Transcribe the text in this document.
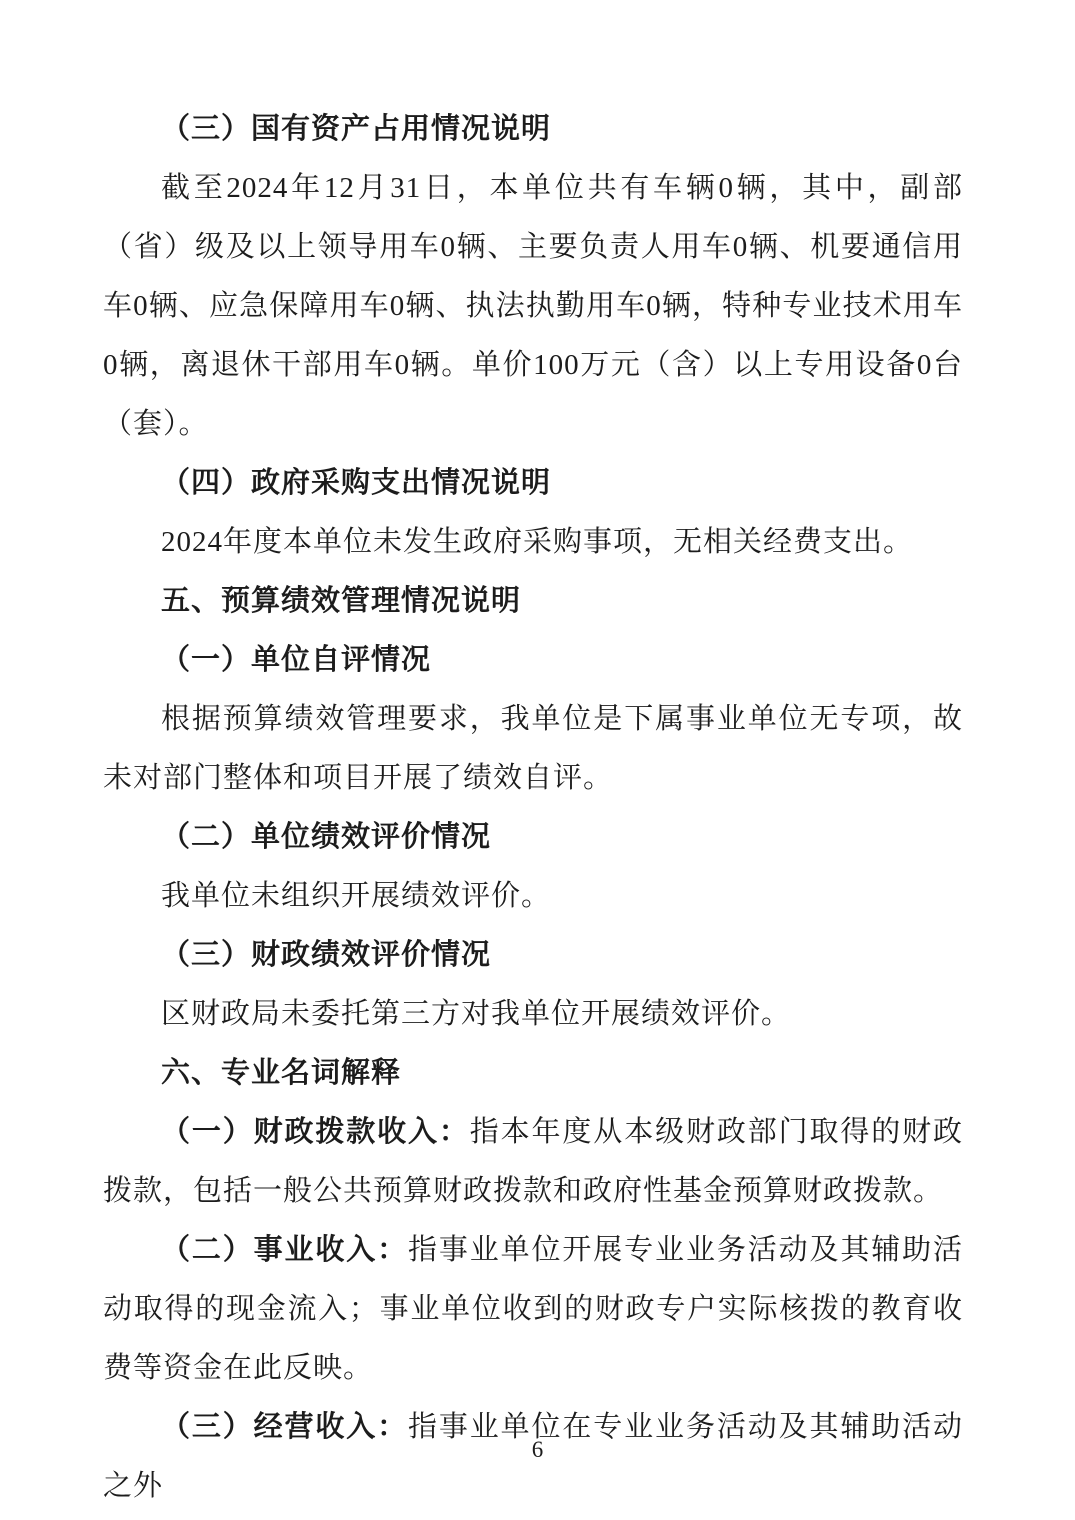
（三）国有资产占用情况说明

截至2024年12月31日，本单位共有车辆0辆，其中，副部（省）级及以上领导用车0辆、主要负责人用车0辆、机要通信用车0辆、应急保障用车0辆、执法执勤用车0辆，特种专业技术用车0辆，离退休干部用车0辆。单价100万元（含）以上专用设备0台（套）。

（四）政府采购支出情况说明

2024年度本单位未发生政府采购事项，无相关经费支出。

五、预算绩效管理情况说明

（一）单位自评情况

根据预算绩效管理要求，我单位是下属事业单位无专项，故未对部门整体和项目开展了绩效自评。

（二）单位绩效评价情况

我单位未组织开展绩效评价。

（三）财政绩效评价情况

区财政局未委托第三方对我单位开展绩效评价。

六、专业名词解释

（一）财政拨款收入：指本年度从本级财政部门取得的财政拨款，包括一般公共预算财政拨款和政府性基金预算财政拨款。

（二）事业收入：指事业单位开展专业业务活动及其辅助活动取得的现金流入；事业单位收到的财政专户实际核拨的教育收费等资金在此反映。

（三）经营收入：指事业单位在专业业务活动及其辅助活动之外

6
